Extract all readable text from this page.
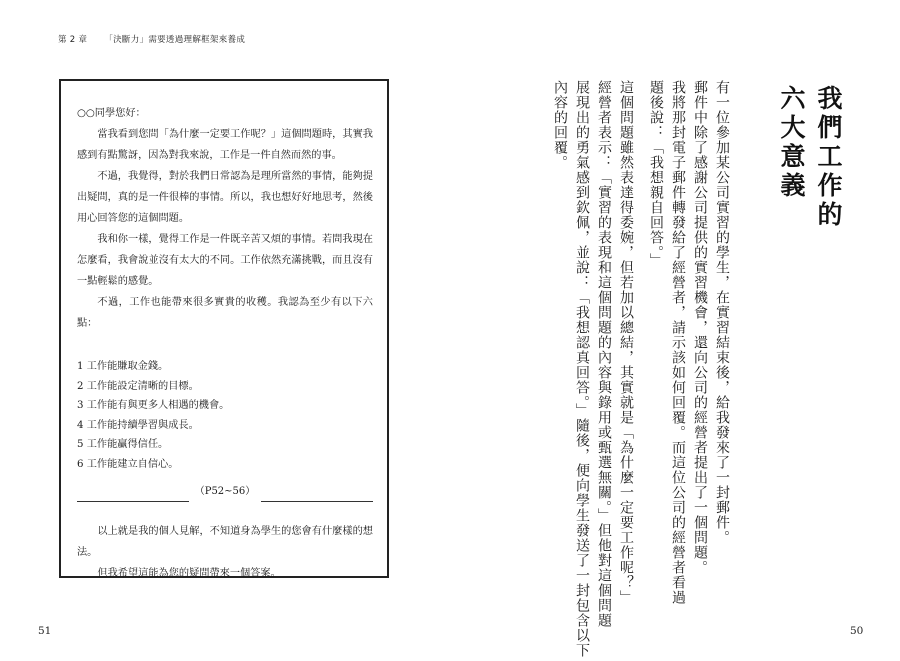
第 2 章 「決斷力」需要透過理解框架來養成

○○同學您好：

當我看到您問「為什麼一定要工作呢？」這個問題時，其實我感到有點驚訝，因為對我來說，工作是一件自然而然的事。

不過，我覺得，對於我們日常認為是理所當然的事情，能夠提出疑問，真的是一件很棒的事情。所以，我也想好好地思考，然後用心回答您的這個問題。

我和你一樣，覺得工作是一件既辛苦又煩的事情。若問我現在怎麼看，我會說並沒有太大的不同。工作依然充滿挑戰，而且沒有一點輕鬆的感覺。

不過，工作也能帶來很多實貴的收穫。我認為至少有以下六點：

1 工作能賺取金錢。
2 工作能設定清晰的目標。
3 工作能有與更多人相遇的機會。
4 工作能持續學習與成長。
5 工作能贏得信任。
6 工作能建立自信心。
（P52~56）

以上就是我的個人見解，不知道身為學生的您會有什麼樣的想法。

但我希望這能為您的疑問帶來一個答案。

我們工作的
六大意義
有一位參加某公司實習的學生，在實習結束後，給我發來了一封郵件。
郵件中除了感謝公司提供的實習機會，還向公司的經營者提出了一個問題。
我將那封電子郵件轉發給了經營者，請示該如何回覆。而這位公司的經營者看過
題後說：「我想親自回答。」
這個問題雖然表達得委婉，但若加以總結，其實就是「為什麼一定要工作呢？」
經營者表示：「實習的表現和這個問題的內容與錄用或甄選無關。」但他對這個問題
展現出的勇氣感到欽佩，並說：「我想認真回答。」隨後，便向學生發送了一封包含以下
內容的回覆。
51	50
